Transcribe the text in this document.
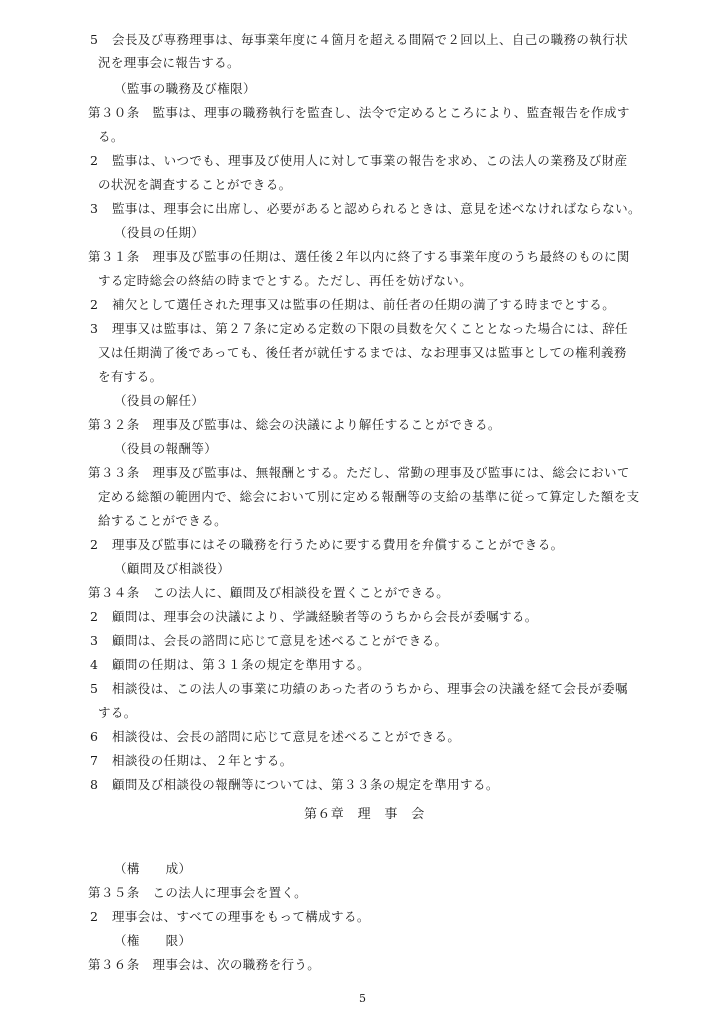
5 会長及び専務理事は、毎事業年度に４箇月を超える間隔で２回以上、自己の職務の執行状
況を理事会に報告する。
（監事の職務及び権限）
第３０条　監事は、理事の職務執行を監査し、法令で定めるところにより、監査報告を作成す
る。
2 監事は、いつでも、理事及び使用人に対して事業の報告を求め、この法人の業務及び財産
の状況を調査することができる。
3 監事は、理事会に出席し、必要があると認められるときは、意見を述べなければならない。
（役員の任期）
第３１条　理事及び監事の任期は、選任後２年以内に終了する事業年度のうち最終のものに関
する定時総会の終結の時までとする。ただし、再任を妨げない。
2 補欠として選任された理事又は監事の任期は、前任者の任期の満了する時までとする。
3 理事又は監事は、第２７条に定める定数の下限の員数を欠くこととなった場合には、辞任
又は任期満了後であっても、後任者が就任するまでは、なお理事又は監事としての権利義務
を有する。
（役員の解任）
第３２条　理事及び監事は、総会の決議により解任することができる。
（役員の報酬等）
第３３条　理事及び監事は、無報酬とする。ただし、常勤の理事及び監事には、総会において
定める総額の範囲内で、総会において別に定める報酬等の支給の基準に従って算定した額を支
給することができる。
2 理事及び監事にはその職務を行うために要する費用を弁償することができる。
（顧問及び相談役）
第３４条　この法人に、顧問及び相談役を置くことができる。
2 顧問は、理事会の決議により、学識経験者等のうちから会長が委嘱する。
3 顧問は、会長の諮問に応じて意見を述べることができる。
4 顧問の任期は、第３１条の規定を準用する。
5 相談役は、この法人の事業に功績のあった者のうちから、理事会の決議を経て会長が委嘱
する。
6 相談役は、会長の諮問に応じて意見を述べることができる。
7 相談役の任期は、２年とする。
8 顧問及び相談役の報酬等については、第３３条の規定を準用する。
第６章　理　事　会
（構　　成）
第３５条　この法人に理事会を置く。
2 理事会は、すべての理事をもって構成する。
（権　　限）
第３６条　理事会は、次の職務を行う。
5
